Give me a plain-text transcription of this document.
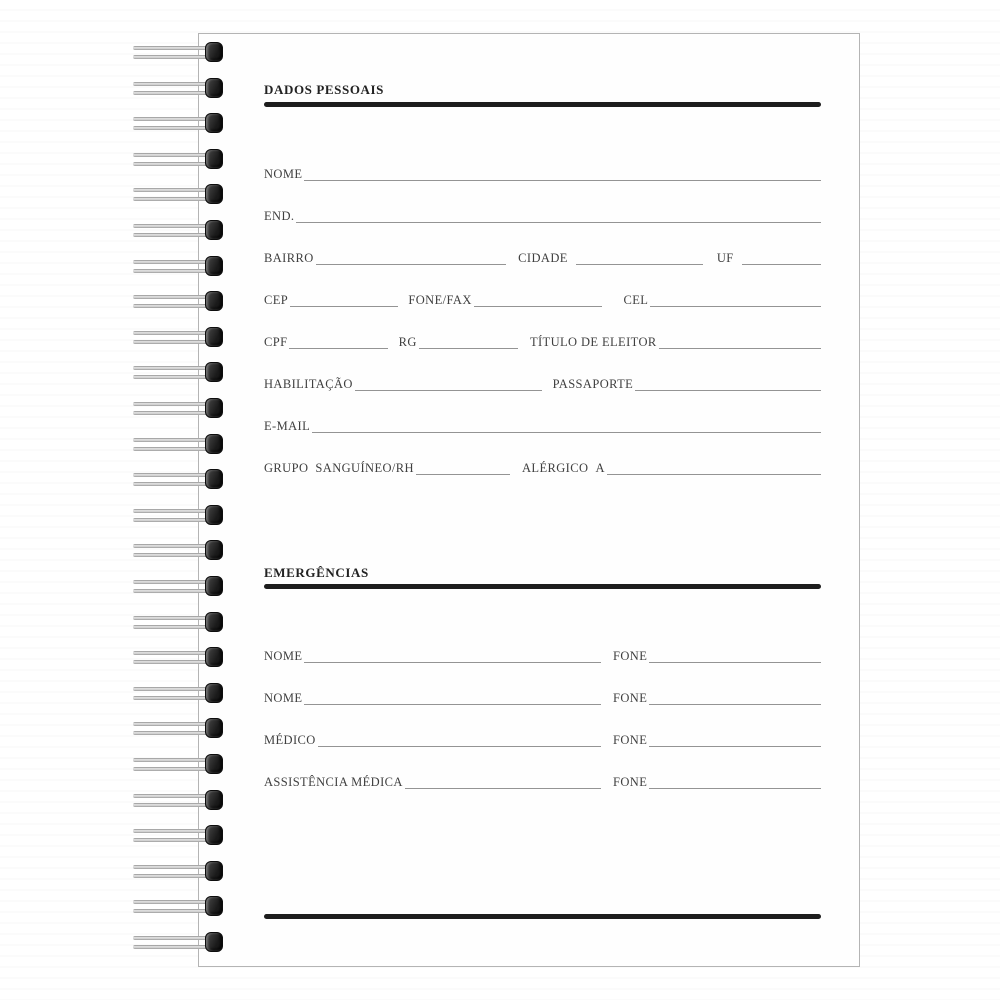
DADOS PESSOAIS
NOME
END.
BAIRRO	CIDADE	UF
CEP	FONE/FAX	CEL
CPF	RG	TÍTULO DE ELEITOR
HABILITAÇÃO	PASSAPORTE
E-MAIL
GRUPO  SANGUÍNEO/RH	ALÉRGICO  A
EMERGÊNCIAS
NOME	FONE
NOME	FONE
MÉDICO	FONE
ASSISTÊNCIA MÉDICA	FONE
